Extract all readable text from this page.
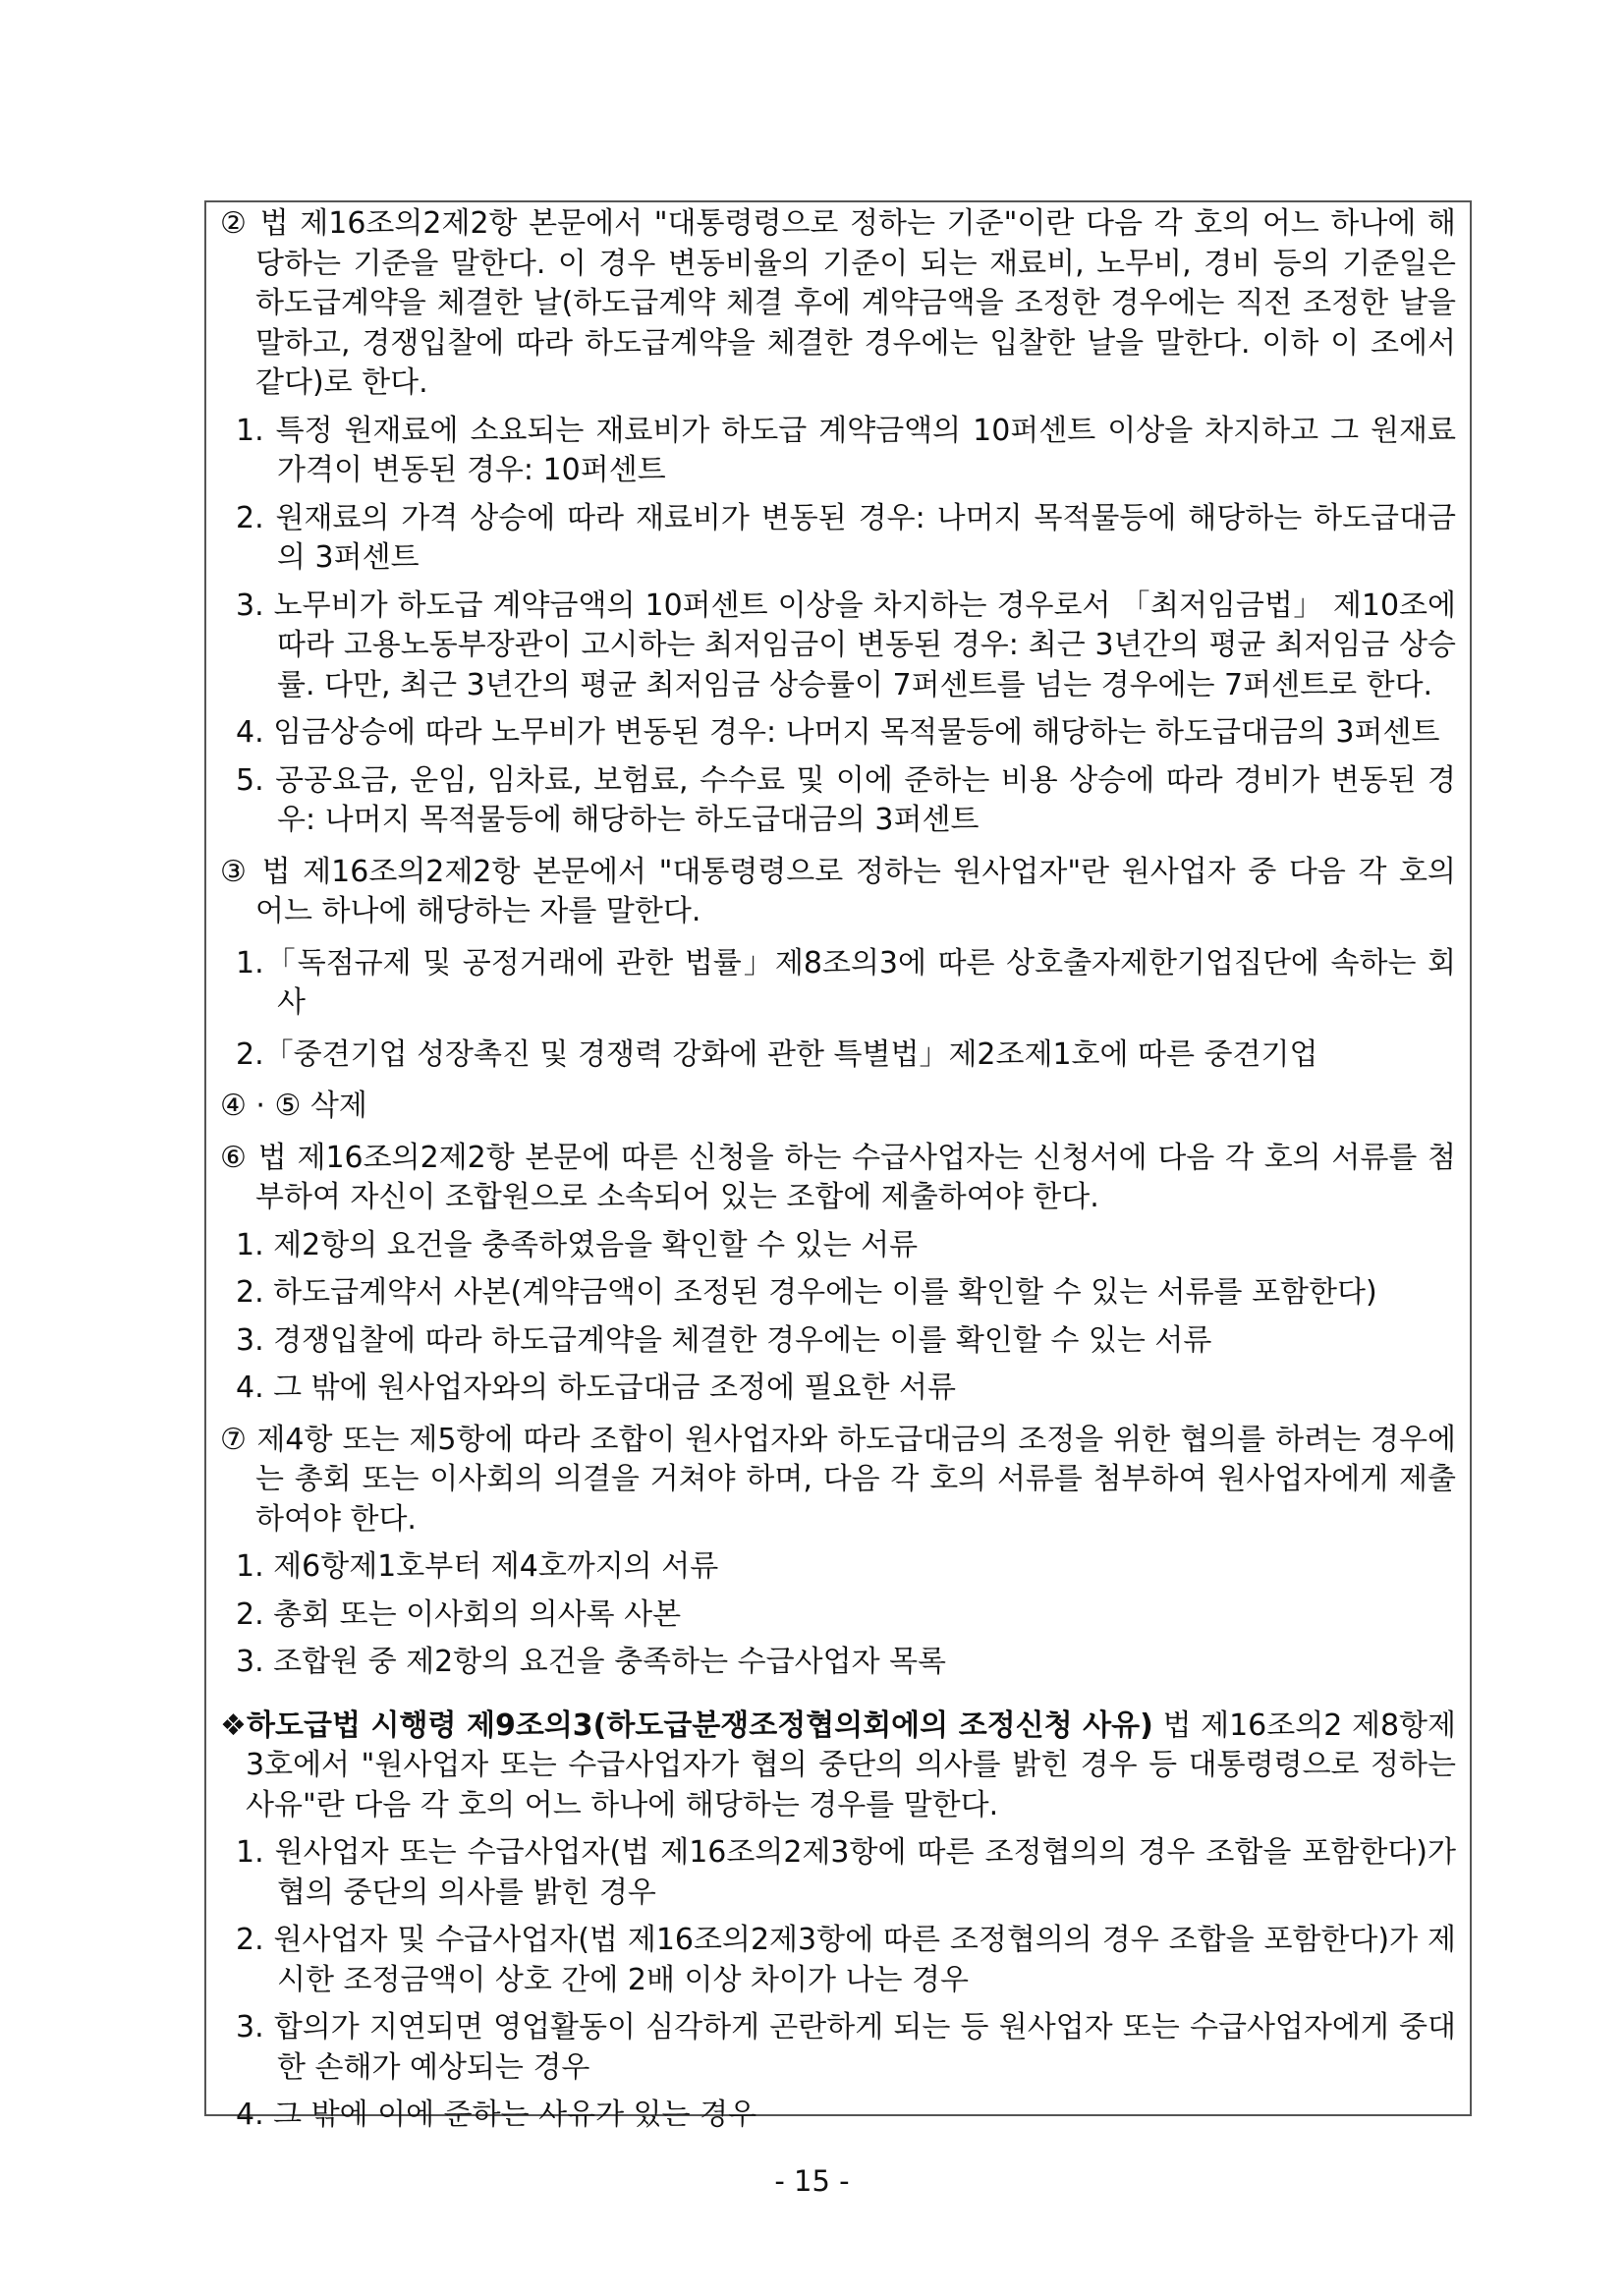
② 법 제16조의2제2항 본문에서 "대통령령으로 정하는 기준"이란 다음 각 호의 어느 하나에 해당하는 기준을 말한다. 이 경우 변동비율의 기준이 되는 재료비, 노무비, 경비 등의 기준일은 하도급계약을 체결한 날(하도급계약 체결 후에 계약금액을 조정한 경우에는 직전 조정한 날을 말하고, 경쟁입찰에 따라 하도급계약을 체결한 경우에는 입찰한 날을 말한다. 이하 이 조에서 같다)로 한다.

1. 특정 원재료에 소요되는 재료비가 하도급 계약금액의 10퍼센트 이상을 차지하고 그 원재료 가격이 변동된 경우: 10퍼센트

2. 원재료의 가격 상승에 따라 재료비가 변동된 경우: 나머지 목적물등에 해당하는 하도급대금의 3퍼센트

3. 노무비가 하도급 계약금액의 10퍼센트 이상을 차지하는 경우로서 「최저임금법」 제10조에 따라 고용노동부장관이 고시하는 최저임금이 변동된 경우: 최근 3년간의 평균 최저임금 상승률. 다만, 최근 3년간의 평균 최저임금 상승률이 7퍼센트를 넘는 경우에는 7퍼센트로 한다.

4. 임금상승에 따라 노무비가 변동된 경우: 나머지 목적물등에 해당하는 하도급대금의 3퍼센트

5. 공공요금, 운임, 임차료, 보험료, 수수료 및 이에 준하는 비용 상승에 따라 경비가 변동된 경우: 나머지 목적물등에 해당하는 하도급대금의 3퍼센트

③ 법 제16조의2제2항 본문에서 "대통령령으로 정하는 원사업자"란 원사업자 중 다음 각 호의 어느 하나에 해당하는 자를 말한다.

1.「독점규제 및 공정거래에 관한 법률」제8조의3에 따른 상호출자제한기업집단에 속하는 회사

2.「중견기업 성장촉진 및 경쟁력 강화에 관한 특별법」제2조제1호에 따른 중견기업

④ · ⑤ 삭제

⑥ 법 제16조의2제2항 본문에 따른 신청을 하는 수급사업자는 신청서에 다음 각 호의 서류를 첨부하여 자신이 조합원으로 소속되어 있는 조합에 제출하여야 한다.

1. 제2항의 요건을 충족하였음을 확인할 수 있는 서류

2. 하도급계약서 사본(계약금액이 조정된 경우에는 이를 확인할 수 있는 서류를 포함한다)

3. 경쟁입찰에 따라 하도급계약을 체결한 경우에는 이를 확인할 수 있는 서류

4. 그 밖에 원사업자와의 하도급대금 조정에 필요한 서류

⑦ 제4항 또는 제5항에 따라 조합이 원사업자와 하도급대금의 조정을 위한 협의를 하려는 경우에는 총회 또는 이사회의 의결을 거쳐야 하며, 다음 각 호의 서류를 첨부하여 원사업자에게 제출하여야 한다.

1. 제6항제1호부터 제4호까지의 서류

2. 총회 또는 이사회의 의사록 사본

3. 조합원 중 제2항의 요건을 충족하는 수급사업자 목록

❖하도급법 시행령 제9조의3(하도급분쟁조정협의회에의 조정신청 사유) 법 제16조의2 제8항제3호에서 "원사업자 또는 수급사업자가 협의 중단의 의사를 밝힌 경우 등 대통령령으로 정하는 사유"란 다음 각 호의 어느 하나에 해당하는 경우를 말한다.

1. 원사업자 또는 수급사업자(법 제16조의2제3항에 따른 조정협의의 경우 조합을 포함한다)가 협의 중단의 의사를 밝힌 경우

2. 원사업자 및 수급사업자(법 제16조의2제3항에 따른 조정협의의 경우 조합을 포함한다)가 제시한 조정금액이 상호 간에 2배 이상 차이가 나는 경우

3. 합의가 지연되면 영업활동이 심각하게 곤란하게 되는 등 원사업자 또는 수급사업자에게 중대한 손해가 예상되는 경우

4. 그 밖에 이에 준하는 사유가 있는 경우

- 15 -
